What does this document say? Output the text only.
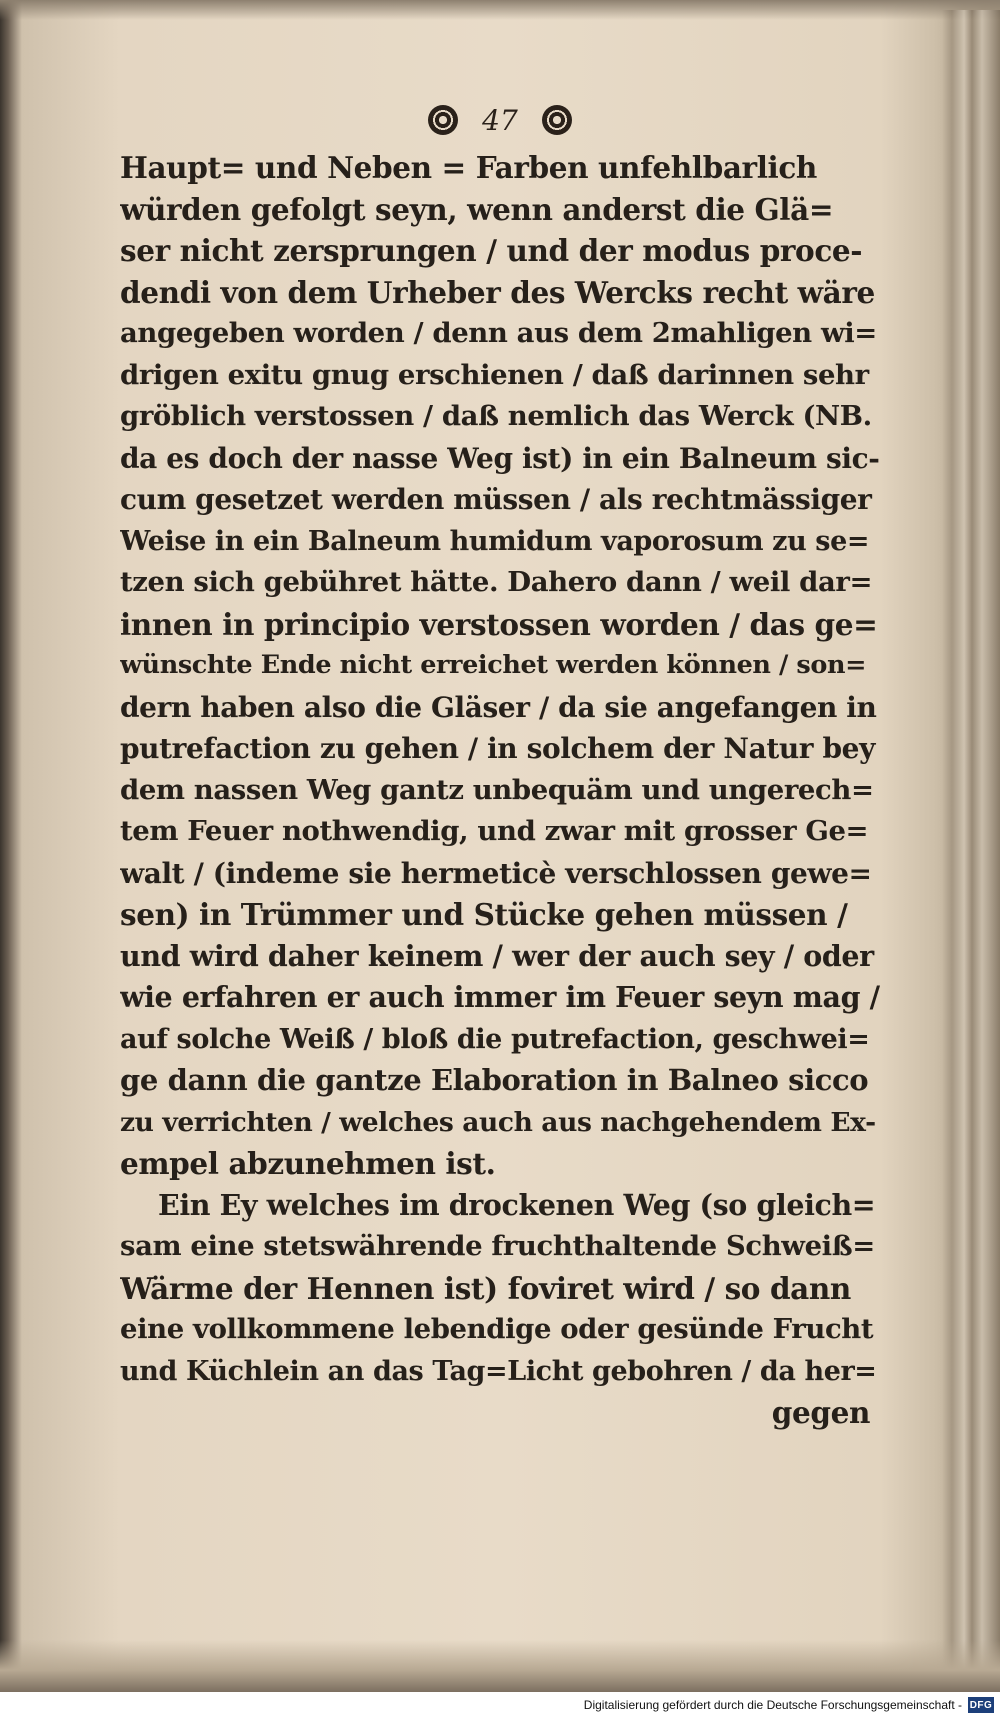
47
Haupt= und Neben = Farben unfehlbarlich
würden gefolgt seyn, wenn anderst die Glä=
ser nicht zersprungen / und der modus proce-
dendi von dem Urheber des Wercks recht wäre
angegeben worden / denn aus dem 2mahligen wi=
drigen exitu gnug erschienen / daß darinnen sehr
gröblich verstossen / daß nemlich das Werck (NB.
da es doch der nasse Weg ist) in ein Balneum sic-
cum gesetzet werden müssen / als rechtmässiger
Weise in ein Balneum humidum vaporosum zu se=
tzen sich gebühret hätte. Dahero dann / weil dar=
innen in principio verstossen worden / das ge=
wünschte Ende nicht erreichet werden können / son=
dern haben also die Gläser / da sie angefangen in
putrefaction zu gehen / in solchem der Natur bey
dem nassen Weg gantz unbequäm und ungerech=
tem Feuer nothwendig, und zwar mit grosser Ge=
walt / (indeme sie hermeticè verschlossen gewe=
sen) in Trümmer und Stücke gehen müssen /
und wird daher keinem / wer der auch sey / oder
wie erfahren er auch immer im Feuer seyn mag /
auf solche Weiß / bloß die putrefaction, geschwei=
ge dann die gantze Elaboration in Balneo sicco
zu verrichten / welches auch aus nachgehendem Ex-
empel abzunehmen ist.
Ein Ey welches im drockenen Weg (so gleich=
sam eine stetswährende fruchthaltende Schweiß=
Wärme der Hennen ist) foviret wird / so dann
eine vollkommene lebendige oder gesünde Frucht
und Küchlein an das Tag=Licht gebohren / da her=
gegen
Digitalisierung gefördert durch die Deutsche Forschungsgemeinschaft - DFG
